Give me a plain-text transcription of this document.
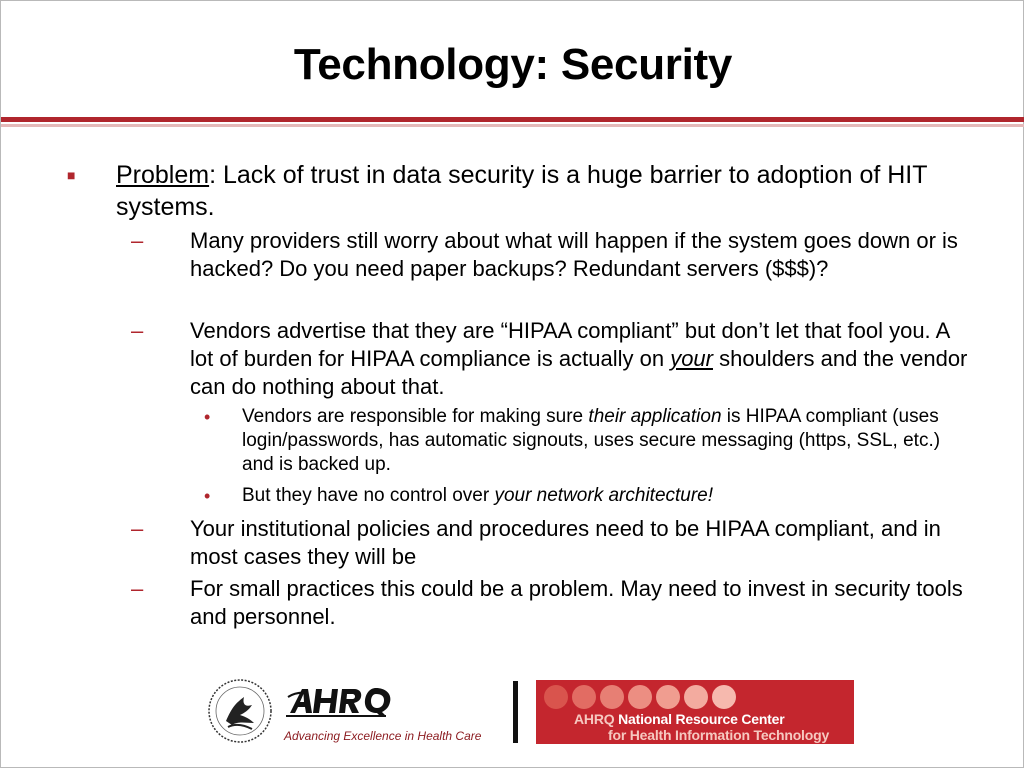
Technology: Security
■ Problem: Lack of trust in data security is a huge barrier to adoption of HIT systems.
– Many providers still worry about what will happen if the system goes down or is hacked? Do you need paper backups? Redundant servers ($$$)?
– Vendors advertise that they are “HIPAA compliant” but don’t let that fool you. A lot of burden for HIPAA compliance is actually on your shoulders and the vendor can do nothing about that.
• Vendors are responsible for making sure their application is HIPAA compliant (uses login/passwords, has automatic signouts, uses secure messaging (https, SSL, etc.) and is backed up.
• But they have no control over your network architecture!
– Your institutional policies and procedures need to be HIPAA compliant, and in most cases they will be
– For small practices this could be a problem. May need to invest in security tools and personnel.
Advancing Excellence in Health Care
AHRQ National Resource Center
for Health Information Technology
